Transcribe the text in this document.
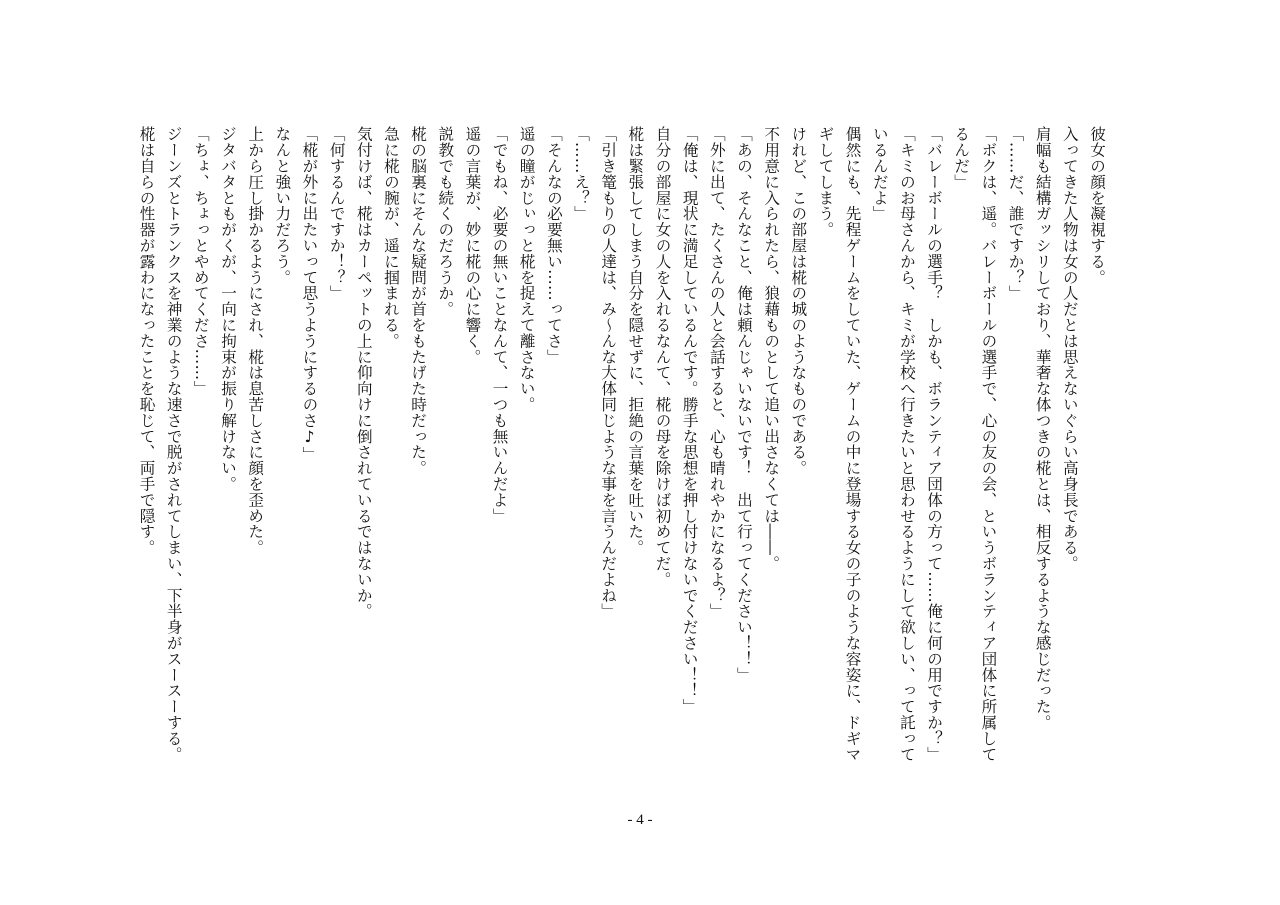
彼女の顔を凝視する。
入ってきた人物は女の人だとは思えないぐらい高身長である。
肩幅も結構ガッシリしており、華奢な体つきの椛とは、相反するような感じだった。
「……だ、誰ですか？」
「ボクは、遥。バレーボールの選手で、心の友の会、というボランティア団体に所属して
るんだ」
「バレーボールの選手？　しかも、ボランティア団体の方って……俺に何の用ですか？」
「キミのお母さんから、キミが学校へ行きたいと思わせるようにして欲しい、って託って
いるんだよ」
偶然にも、先程ゲームをしていた、ゲームの中に登場する女の子のような容姿に、ドギマ
ギしてしまう。
けれど、この部屋は椛の城のようなものである。
不用意に入られたら、狼藉ものとして追い出さなくては――。
「あの、そんなこと、俺は頼んじゃいないです！　出て行ってください！！」
「外に出て、たくさんの人と会話すると、心も晴れやかになるよ？」
「俺は、現状に満足しているんです。勝手な思想を押し付けないでください！！」
自分の部屋に女の人を入れるなんて、椛の母を除けば初めてだ。
椛は緊張してしまう自分を隠せずに、拒絶の言葉を吐いた。
「引き篭もりの人達は、み～んな大体同じような事を言うんだよね」
「……え？」
「そんなの必要無い……ってさ」
遥の瞳がじぃっと椛を捉えて離さない。
「でもね、必要の無いことなんて、一つも無いんだよ」
遥の言葉が、妙に椛の心に響く。
説教でも続くのだろうか。
椛の脳裏にそんな疑問が首をもたげた時だった。
急に椛の腕が、遥に掴まれる。
気付けば、椛はカーペットの上に仰向けに倒されているではないか。
「何するんですか！？」
「椛が外に出たいって思うようにするのさ♪」
なんと強い力だろう。
上から圧し掛かるようにされ、椛は息苦しさに顔を歪めた。
ジタバタともがくが、一向に拘束が振り解けない。
「ちょ、ちょっとやめてくださ……」
ジーンズとトランクスを神業のような速さで脱がされてしまい、下半身がスースーする。
椛は自らの性器が露わになったことを恥じて、両手で隠す。
- 4 -
